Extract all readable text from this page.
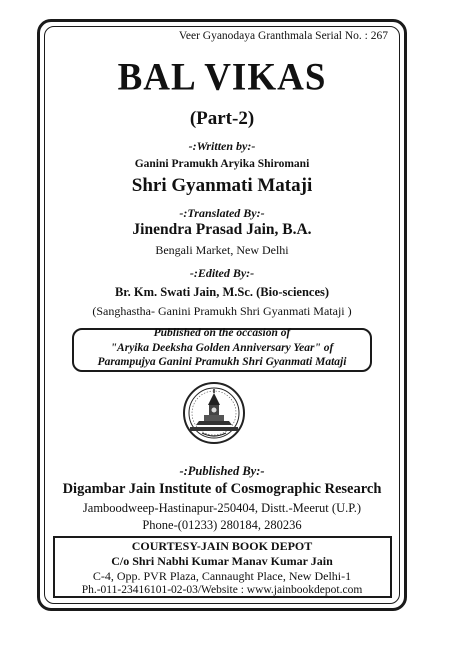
Veer Gyanodaya Granthmala Serial No. : 267
BAL VIKAS
(Part-2)
-:Written by:-
Ganini Pramukh Aryika Shiromani
Shri Gyanmati Mataji
-:Translated By:-
Jinendra Prasad Jain, B.A.
Bengali Market, New Delhi
-:Edited By:-
Br. Km. Swati Jain, M.Sc. (Bio-sciences)
(Sanghastha- Ganini Pramukh Shri Gyanmati Mataji )
Published on the occasion of
"Aryika Deeksha Golden Anniversary Year" of
Parampujya Ganini Pramukh Shri Gyanmati Mataji
-:Published By:-
Digambar Jain Institute of Cosmographic Research
Jamboodweep-Hastinapur-250404, Distt.-Meerut (U.P.)
Phone-(01233) 280184, 280236
COURTESY-JAIN BOOK DEPOT
C/o Shri Nabhi Kumar Manav Kumar Jain
C-4, Opp. PVR Plaza, Cannaught Place, New Delhi-1
Ph.-011-23416101-02-03/Website : www.jainbookdepot.com
